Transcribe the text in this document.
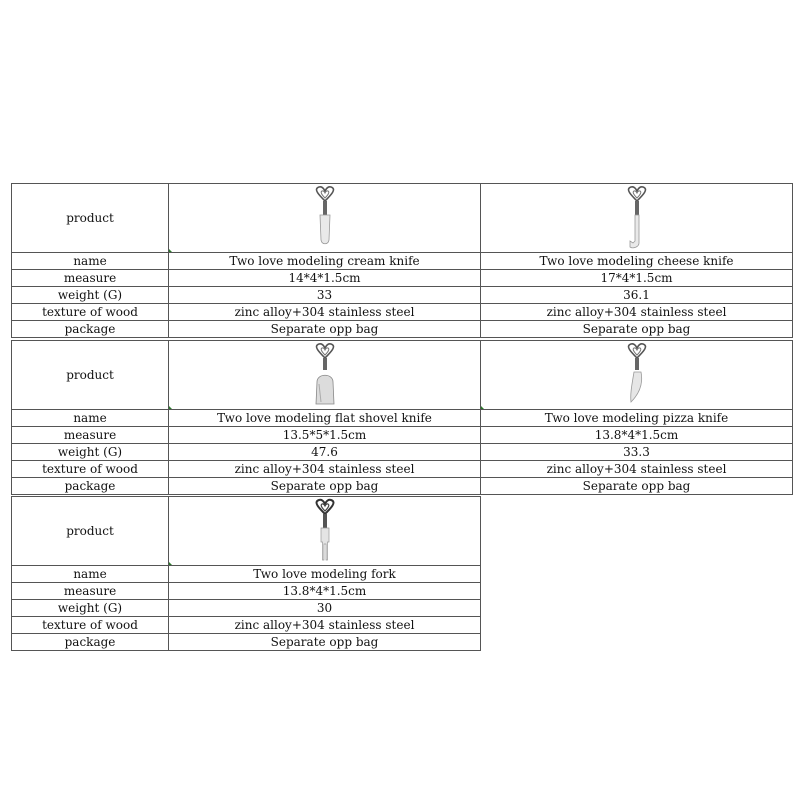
product	

name	Two love modeling cream knife	Two love modeling cheese knife
measure	14*4*1.5cm	17*4*1.5cm
weight (G)	33	36.1
texture of wood	zinc alloy+304 stainless steel	zinc alloy+304 stainless steel
package	Separate opp bag	Separate opp bag
product	

name	Two love modeling flat shovel knife	Two love modeling pizza knife
measure	13.5*5*1.5cm	13.8*4*1.5cm
weight (G)	47.6	33.3
texture of wood	zinc alloy+304 stainless steel	zinc alloy+304 stainless steel
package	Separate opp bag	Separate opp bag
product	

name	Two love modeling fork
measure	13.8*4*1.5cm
weight (G)	30
texture of wood	zinc alloy+304 stainless steel
package	Separate opp bag
